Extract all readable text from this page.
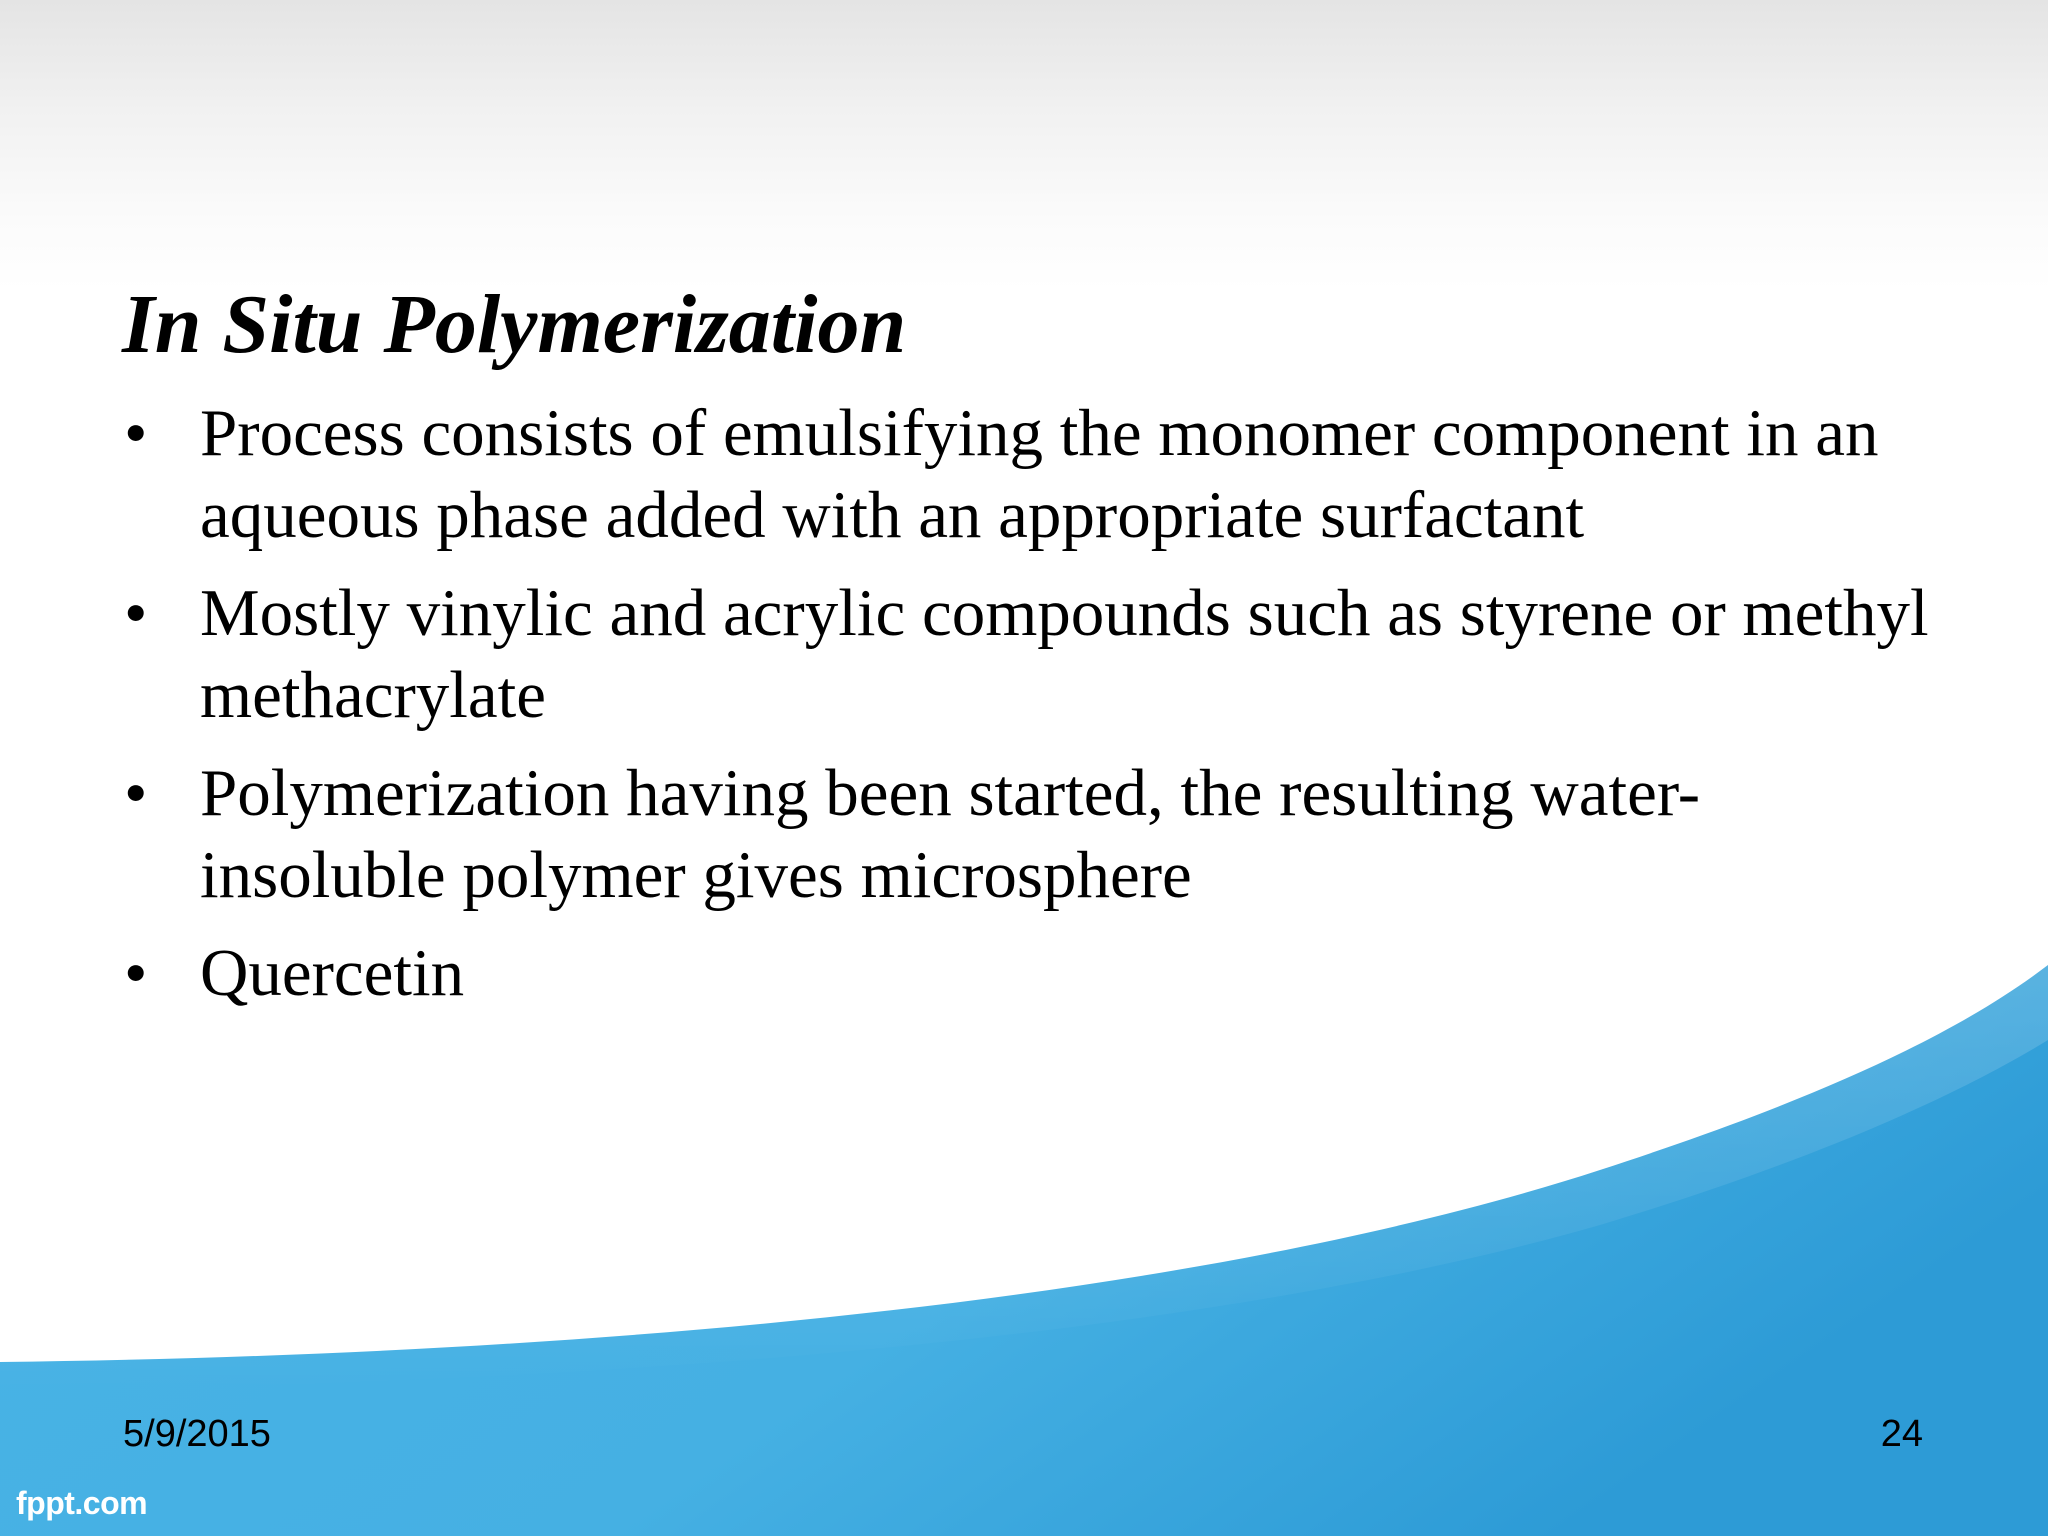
In Situ Polymerization
• Process consists of emulsifying the monomer component in an aqueous phase added with an appropriate surfactant
• Mostly vinylic and acrylic compounds such as styrene or methyl methacrylate
• Polymerization having been started, the resulting water-insoluble polymer gives microsphere
• Quercetin
5/9/2015	24
fppt.com
